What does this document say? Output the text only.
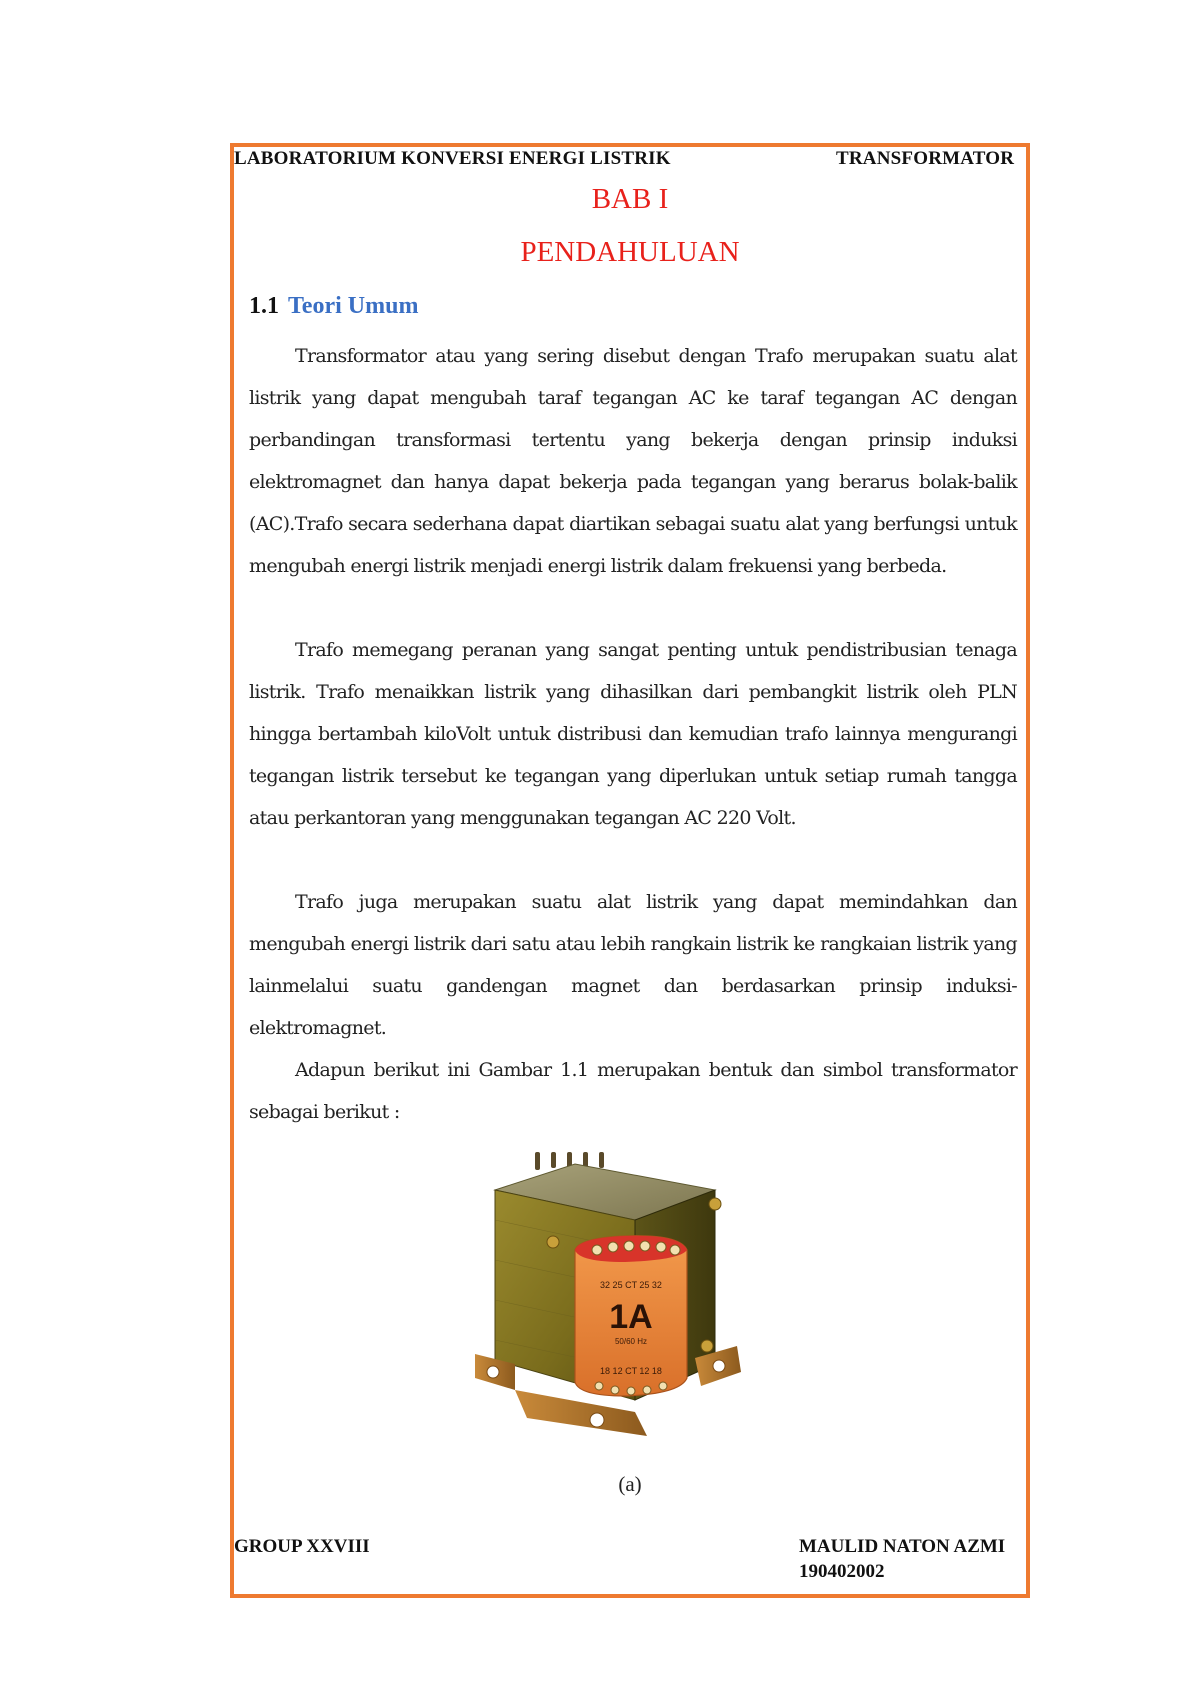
LABORATORIUM KONVERSI ENERGI LISTRIK	TRANSFORMATOR
BAB I
PENDAHULUAN
1.1 Teori Umum

Transformator atau yang sering disebut dengan Trafo merupakan suatu alat listrik yang dapat mengubah taraf tegangan AC ke taraf tegangan AC dengan perbandingan transformasi tertentu yang bekerja dengan prinsip induksi elektromagnet dan hanya dapat bekerja pada tegangan yang berarus bolak-balik (AC).Trafo secara sederhana dapat diartikan sebagai suatu alat yang berfungsi untuk mengubah energi listrik menjadi energi listrik dalam frekuensi yang berbeda.

Trafo memegang peranan yang sangat penting untuk pendistribusian tenaga listrik. Trafo menaikkan listrik yang dihasilkan dari pembangkit listrik oleh PLN hingga bertambah kiloVolt untuk distribusi dan kemudian trafo lainnya mengurangi tegangan listrik tersebut ke tegangan yang diperlukan untuk setiap rumah tangga atau perkantoran yang menggunakan tegangan AC 220 Volt.

Trafo juga merupakan suatu alat listrik yang dapat memindahkan dan mengubah energi listrik dari satu atau lebih rangkain listrik ke rangkaian listrik yang lainmelalui suatu gandengan magnet dan berdasarkan prinsip induksi-elektromagnet.

Adapun berikut ini Gambar 1.1 merupakan bentuk dan simbol transformator sebagai berikut :

32 25 CT 25 32
1A
50/60 Hz
18 12 CT 12 18
(a)
GROUP XXVIII	MAULID NATON AZMI
190402002
